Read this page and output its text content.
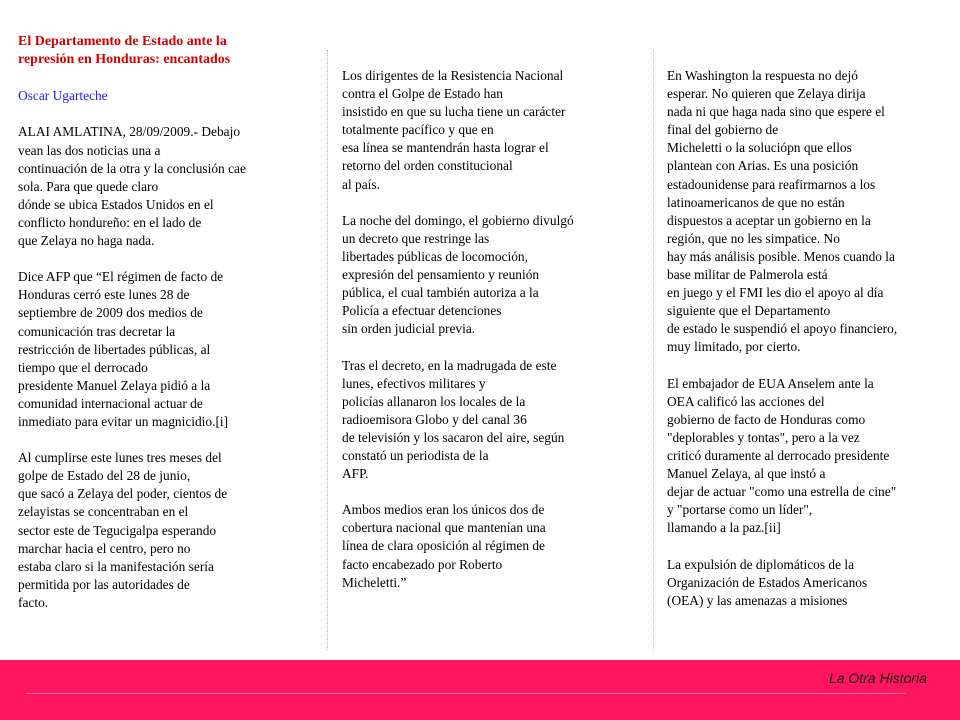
El Departamento de Estado ante la
represión en Honduras: encantados
Oscar Ugarteche
ALAI AMLATINA, 28/09/2009.- Debajo
vean las dos noticias una a
continuación de la otra y la conclusión cae
sola. Para que quede claro
dónde se ubica Estados Unidos en el
conflicto hondureño: en el lado de
que Zelaya no haga nada.
Dice AFP que “El régimen de facto de
Honduras cerró este lunes 28 de
septiembre de 2009 dos medios de
comunicación tras decretar la
restricción de libertades públicas, al
tiempo que el derrocado
presidente Manuel Zelaya pidió a la
comunidad internacional actuar de
inmediato para evitar un magnicidio.[i]
Al cumplirse este lunes tres meses del
golpe de Estado del 28 de junio,
que sacó a Zelaya del poder, cientos de
zelayistas se concentraban en el
sector este de Tegucigalpa esperando
marchar hacia el centro, pero no
estaba claro si la manifestación sería
permitida por las autoridades de
facto.
Los dirigentes de la Resistencia Nacional
contra el Golpe de Estado han
insistido en que su lucha tiene un carácter
totalmente pacífico y que en
esa línea se mantendrán hasta lograr el
retorno del orden constitucional
al país.
La noche del domingo, el gobierno divulgó
un decreto que restringe las
libertades públicas de locomoción,
expresión del pensamiento y reunión
pública, el cual también autoriza a la
Policía a efectuar detenciones
sin orden judicial previa.
Tras el decreto, en la madrugada de este
lunes, efectivos militares y
policías allanaron los locales de la
radioemisora Globo y del canal 36
de televisión y los sacaron del aire, según
constató un periodista de la
AFP.
Ambos medios eran los únicos dos de
cobertura nacional que mantenían una
línea de clara oposición al régimen de
facto encabezado por Roberto
Micheletti.”
En Washington la respuesta no dejó
esperar. No quieren que Zelaya dirija
nada ni que haga nada sino que espere el
final del gobierno de
Micheletti o la soluciópn que ellos
plantean con Arias. Es una posición
estadounidense para reafirmarnos a los
latinoamericanos de que no están
dispuestos a aceptar un gobierno en la
región, que no les simpatice. No
hay más análisis posible. Menos cuando la
base militar de Palmerola está
en juego y el FMI les dio el apoyo al día
siguiente que el Departamento
de estado le suspendió el apoyo financiero,
muy limitado, por cierto.
El embajador de EUA Anselem ante la
OEA calificó las acciones del
gobierno de facto de Honduras como
"deplorables y tontas", pero a la vez
criticó duramente al derrocado presidente
Manuel Zelaya, al que instó a
dejar de actuar "como una estrella de cine"
y "portarse como un líder",
llamando a la paz.[ii]
La expulsión de diplomáticos de la
Organización de Estados Americanos
(OEA) y las amenazas a misiones
La Otra Historia
